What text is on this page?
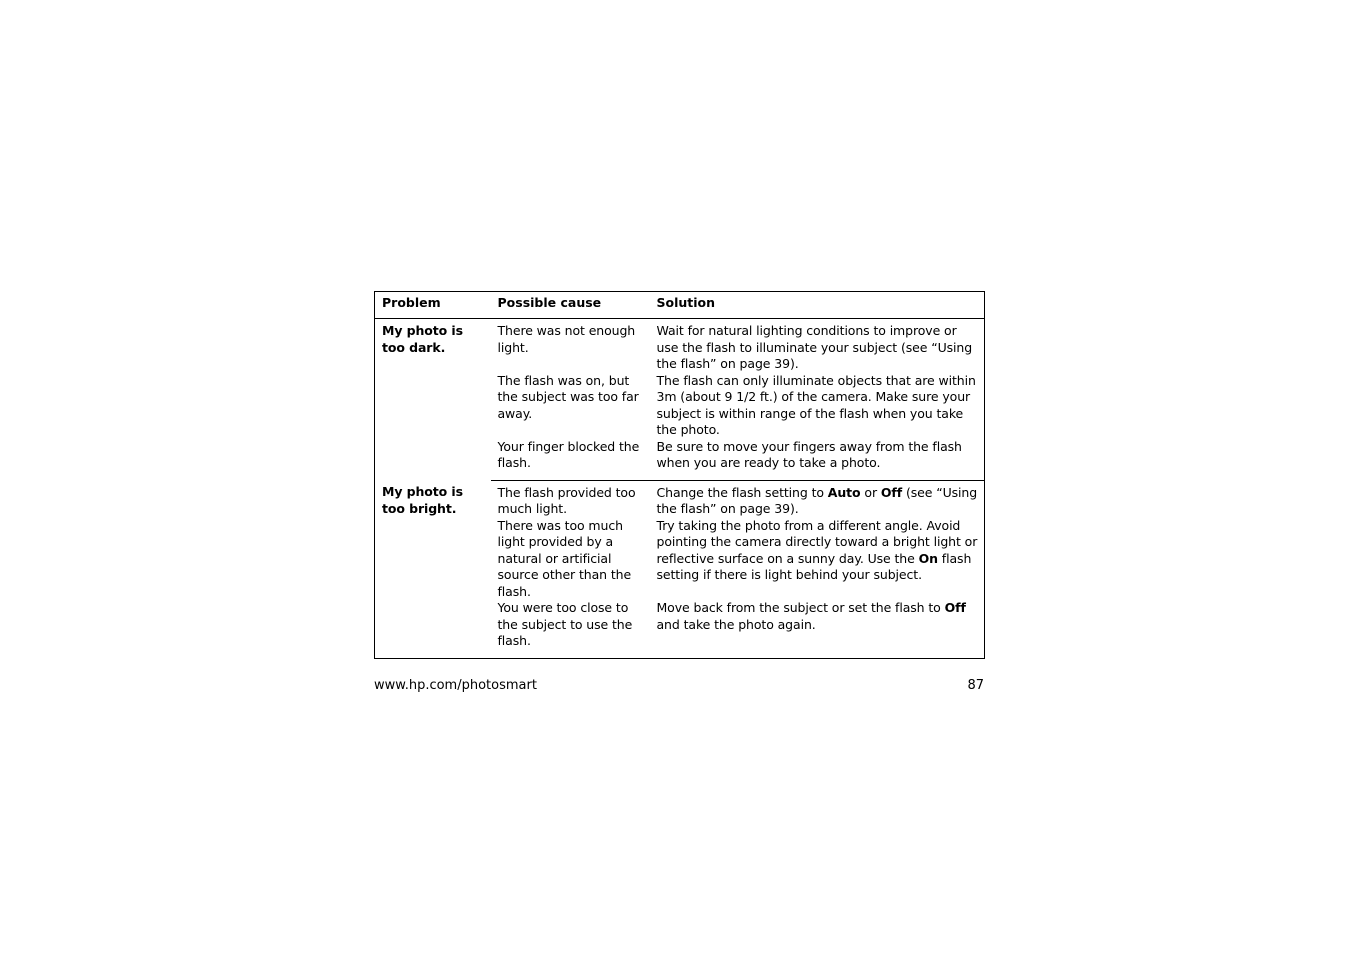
Problem	Possible cause	Solution
My photo is too dark.	There was not enough light.	Wait for natural lighting conditions to improve or use the flash to illuminate your subject (see “Using the flash” on page 39).
	The flash was on, but the subject was too far away.	The flash can only illuminate objects that are within 3m (about 9 1/2 ft.) of the camera. Make sure your subject is within range of the flash when you take the photo.
	Your finger blocked the flash.	Be sure to move your fingers away from the flash when you are ready to take a photo.
My photo is too bright.	The flash provided too much light.	Change the flash setting to Auto or Off (see “Using the flash” on page 39).
	There was too much light provided by a natural or artificial source other than the flash.	Try taking the photo from a different angle. Avoid pointing the camera directly toward a bright light or reflective surface on a sunny day. Use the On flash setting if there is light behind your subject.
	You were too close to the subject to use the flash.	Move back from the subject or set the flash to Off and take the photo again.
www.hp.com/photosmart	87
